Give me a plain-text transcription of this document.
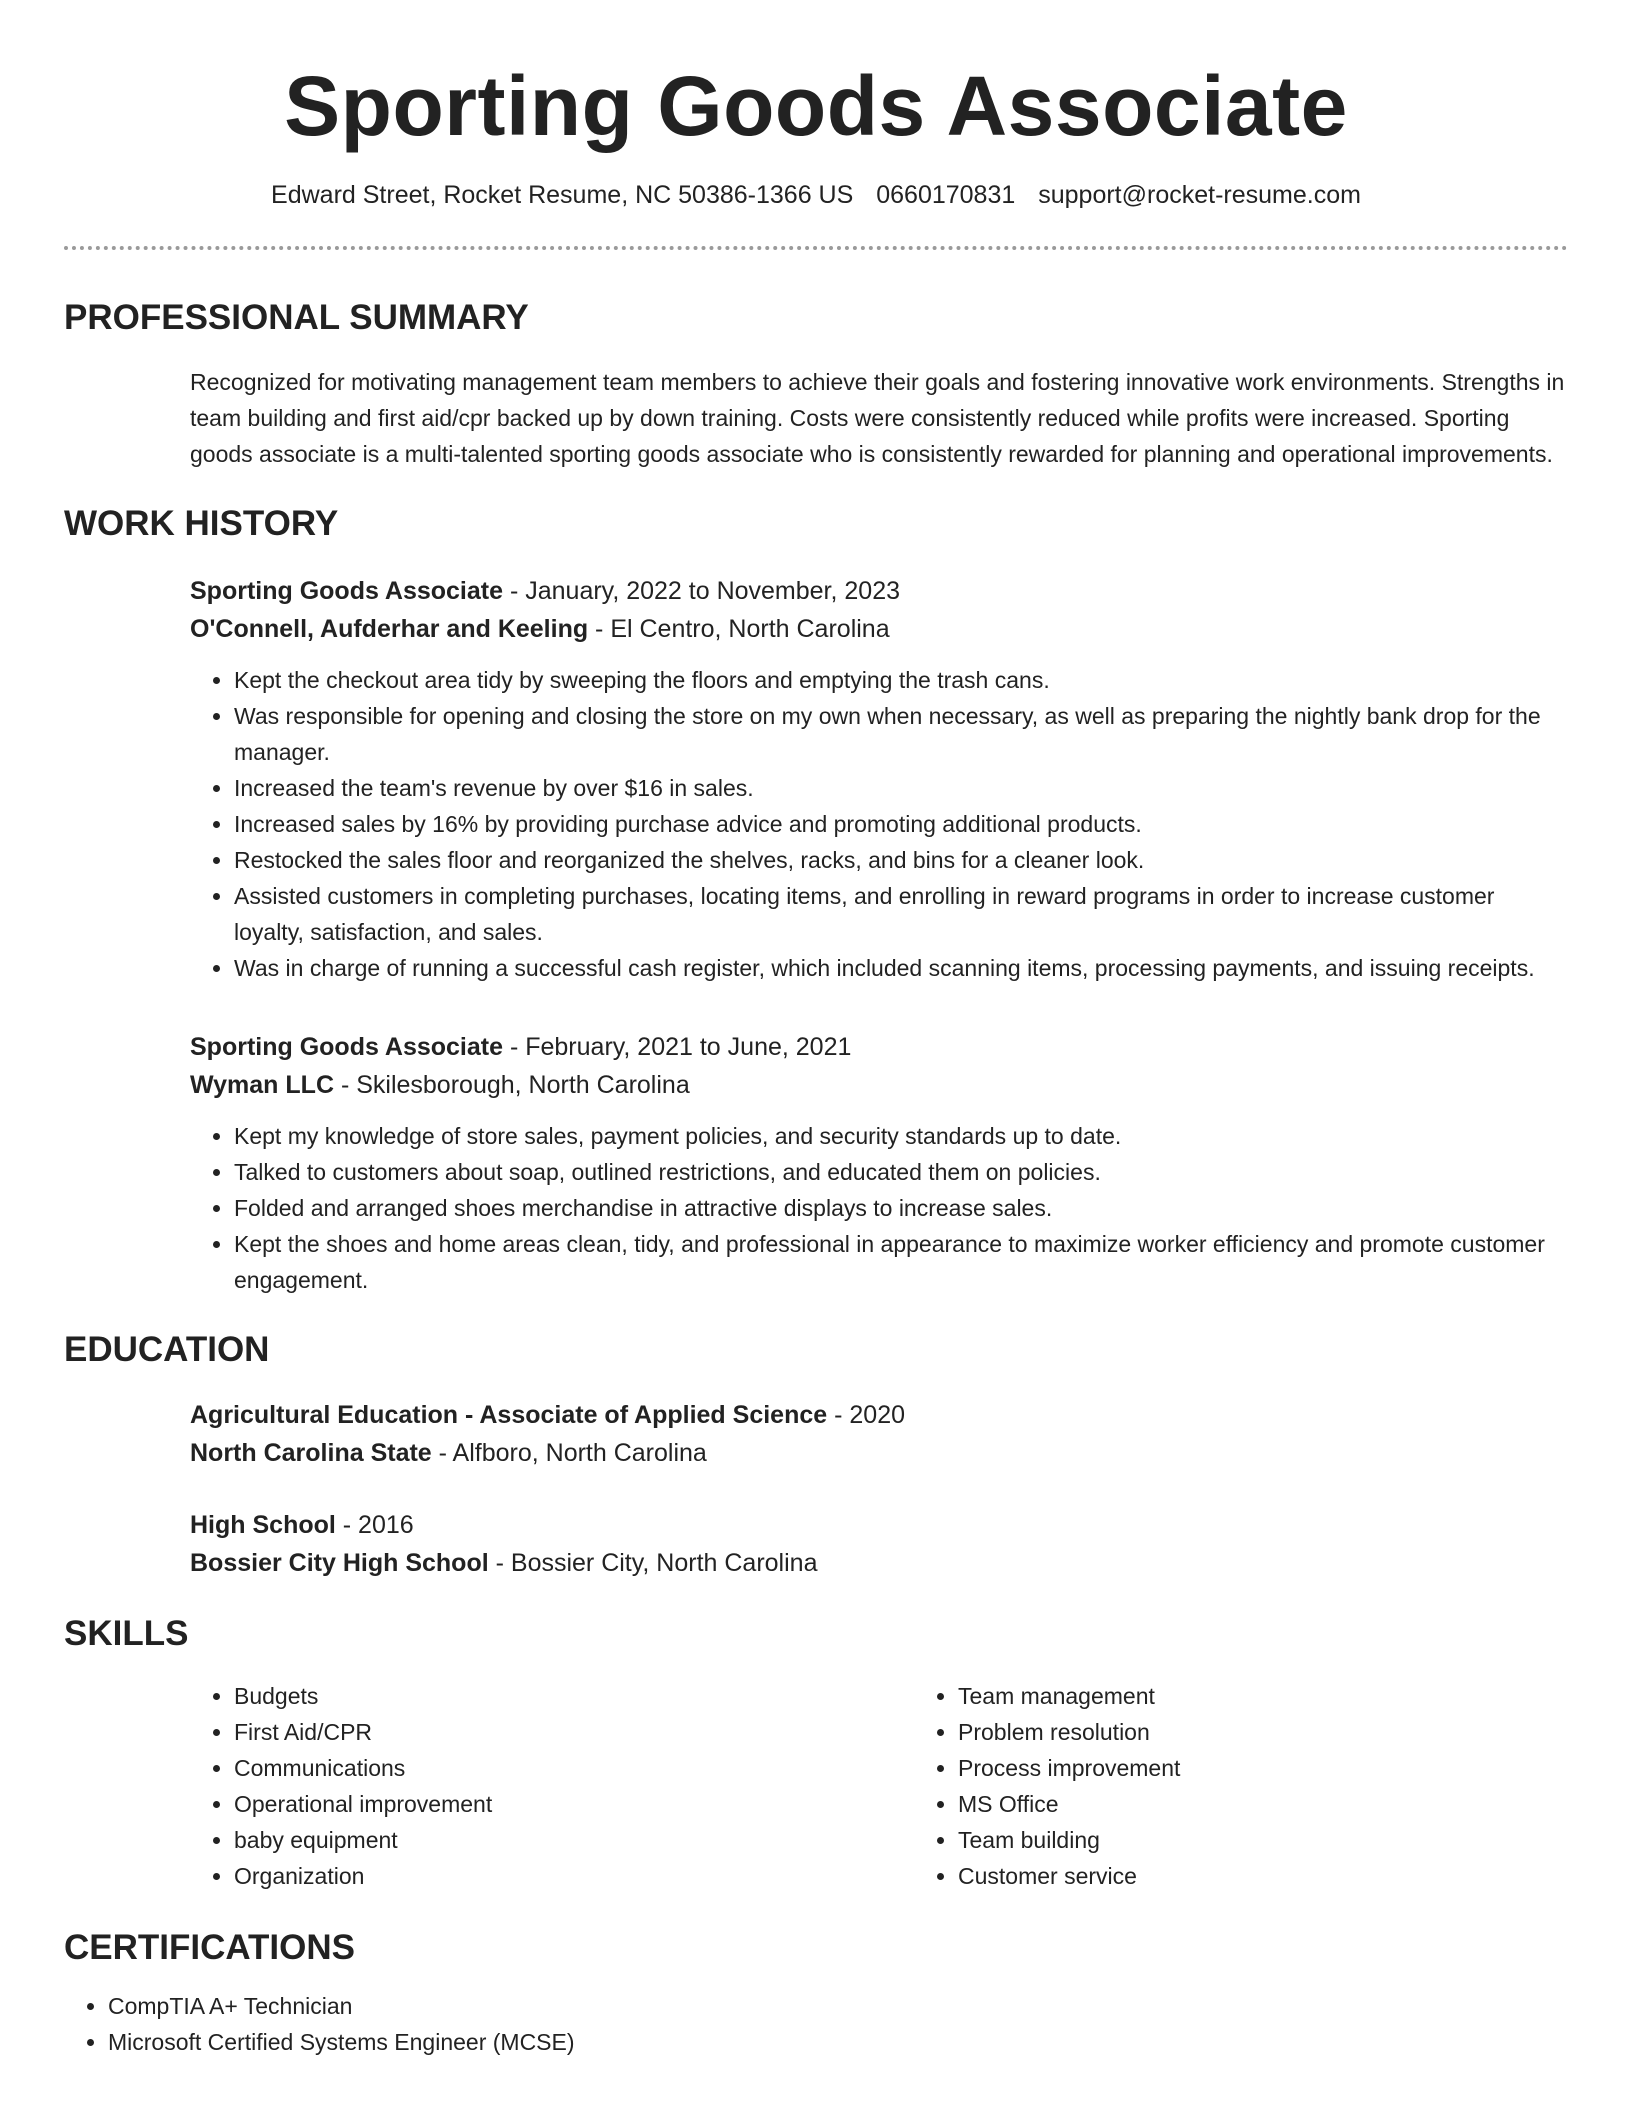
Sporting Goods Associate
Edward Street, Rocket Resume, NC 50386-1366 US 0660170831 support@rocket-resume.com
PROFESSIONAL SUMMARY

Recognized for motivating management team members to achieve their goals and fostering innovative work environments. Strengths in team building and first aid/cpr backed up by down training. Costs were consistently reduced while profits were increased. Sporting goods associate is a multi-talented sporting goods associate who is consistently rewarded for planning and operational improvements.

WORK HISTORY
Sporting Goods Associate - January, 2022 to November, 2023
O'Connell, Aufderhar and Keeling - El Centro, North Carolina
• Kept the checkout area tidy by sweeping the floors and emptying the trash cans.
• Was responsible for opening and closing the store on my own when necessary, as well as preparing the nightly bank drop for the manager.
• Increased the team's revenue by over $16 in sales.
• Increased sales by 16% by providing purchase advice and promoting additional products.
• Restocked the sales floor and reorganized the shelves, racks, and bins for a cleaner look.
• Assisted customers in completing purchases, locating items, and enrolling in reward programs in order to increase customer loyalty, satisfaction, and sales.
• Was in charge of running a successful cash register, which included scanning items, processing payments, and issuing receipts.
Sporting Goods Associate - February, 2021 to June, 2021
Wyman LLC - Skilesborough, North Carolina
• Kept my knowledge of store sales, payment policies, and security standards up to date.
• Talked to customers about soap, outlined restrictions, and educated them on policies.
• Folded and arranged shoes merchandise in attractive displays to increase sales.
• Kept the shoes and home areas clean, tidy, and professional in appearance to maximize worker efficiency and promote customer engagement.
EDUCATION
Agricultural Education - Associate of Applied Science - 2020
North Carolina State - Alfboro, North Carolina
High School - 2016
Bossier City High School - Bossier City, North Carolina
SKILLS
• Budgets
• First Aid/CPR
• Communications
• Operational improvement
• baby equipment
• Organization
• Team management
• Problem resolution
• Process improvement
• MS Office
• Team building
• Customer service
CERTIFICATIONS
• CompTIA A+ Technician
• Microsoft Certified Systems Engineer (MCSE)
